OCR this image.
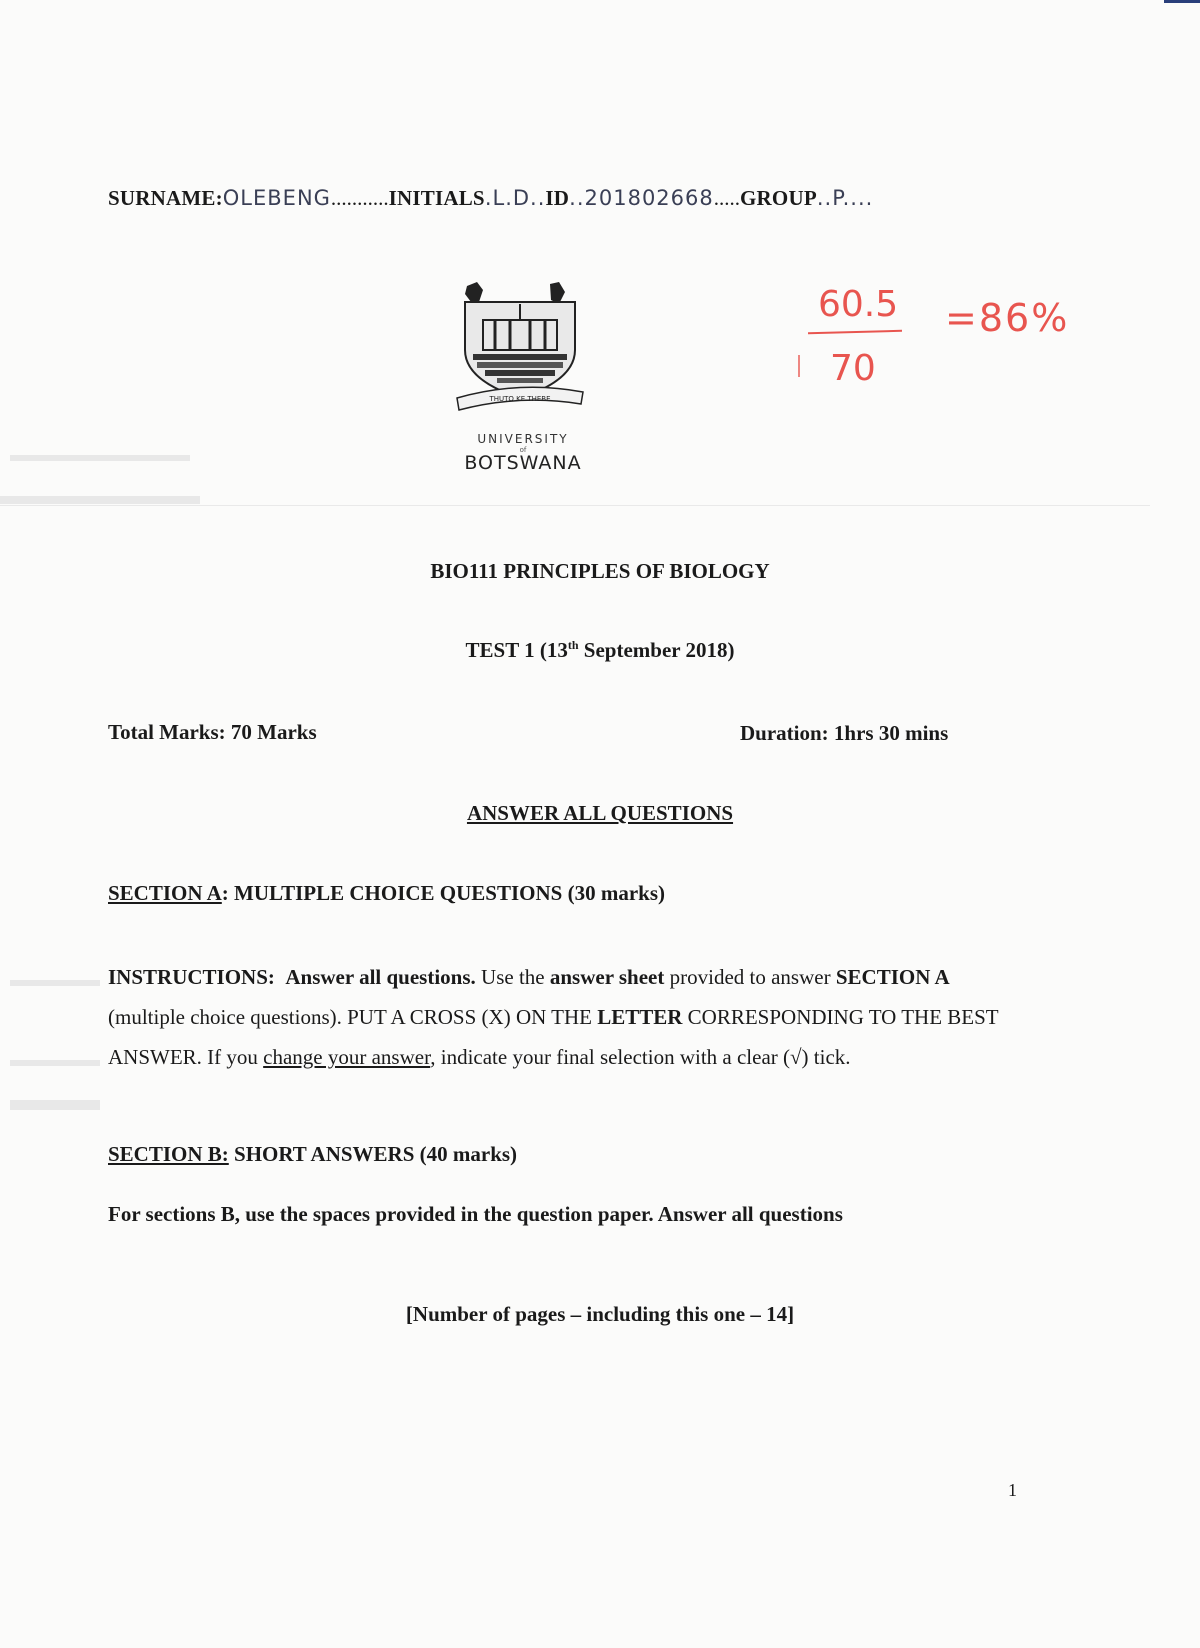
SURNAME:OLEBENG...........INITIALS.L.D..ID..201802668.....GROUP..P....
60.5
70
=86%
THUTO KE THEBE
UNIVERSITY
of
BOTSWANA
BIO111 PRINCIPLES OF BIOLOGY
TEST 1 (13th September 2018)
Total Marks: 70 Marks	Duration: 1hrs 30 mins
ANSWER ALL QUESTIONS
SECTION A: MULTIPLE CHOICE QUESTIONS (30 marks)
INSTRUCTIONS: Answer all questions. Use the answer sheet provided to answer SECTION A (multiple choice questions). PUT A CROSS (X) ON THE LETTER CORRESPONDING TO THE BEST ANSWER. If you change your answer, indicate your final selection with a clear (√) tick.
SECTION B: SHORT ANSWERS (40 marks)
For sections B, use the spaces provided in the question paper. Answer all questions
[Number of pages – including this one – 14]
1
